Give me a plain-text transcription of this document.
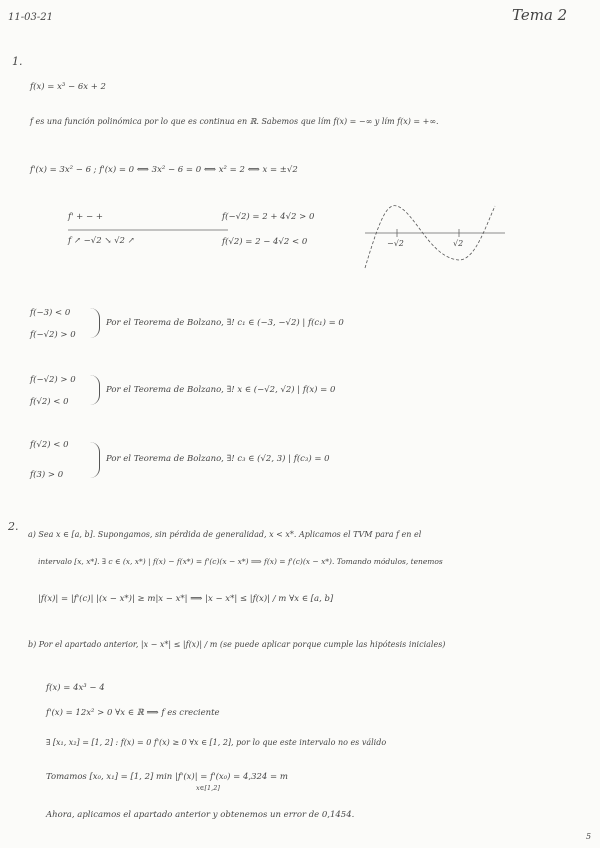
11-03-21	Tema 2
1.
f(x) = x³ − 6x + 2
f es una función polinómica por lo que es continua en ℝ. Sabemos que lím f(x) = −∞ y lím f(x) = +∞.
f'(x) = 3x² − 6 ; f'(x) = 0 ⟺ 3x² − 6 = 0 ⟺ x² = 2 ⟺ x = ±√2
f' + − +
f ↗ −√2 ↘ √2 ↗
f(−√2) = 2 + 4√2 > 0
f(√2) = 2 − 4√2 < 0	−√2	√2
f(−3) < 0
f(−√2) > 0
Por el Teorema de Bolzano, ∃! c₁ ∈ (−3, −√2) | f(c₁) = 0
f(−√2) > 0
f(√2) < 0
Por el Teorema de Bolzano, ∃! x ∈ (−√2, √2) | f(x) = 0
f(√2) < 0
f(3) > 0
Por el Teorema de Bolzano, ∃! c₃ ∈ (√2, 3) | f(c₃) = 0
2.
a) Sea x ∈ [a, b]. Supongamos, sin pérdida de generalidad, x < x*. Aplicamos el TVM para f en el
intervalo [x, x*]. ∃ c ∈ (x, x*) | f(x) − f(x*) = f'(c)(x − x*) ⟹ f(x) = f'(c)(x − x*). Tomando módulos, tenemos
|f(x)| = |f'(c)| |(x − x*)| ≥ m|x − x*| ⟹ |x − x*| ≤ |f(x)| / m ∀x ∈ [a, b]
b) Por el apartado anterior, |x − x*| ≤ |f(x)| / m (se puede aplicar porque cumple las hipótesis iniciales)
f(x) = 4x³ − 4
f'(x) = 12x² > 0 ∀x ∈ ℝ ⟹ f es creciente
∃ [x₁, x₂] = [1, 2] : f(x) = 0 f'(x) ≥ 0 ∀x ∈ [1, 2], por lo que este intervalo no es válido
Tomamos [x₀, x₁] = [1, 2] min |f'(x)| = f'(x₀) = 4,324 = m
x∈[1,2]
Ahora, aplicamos el apartado anterior y obtenemos un error de 0,1454.
5
